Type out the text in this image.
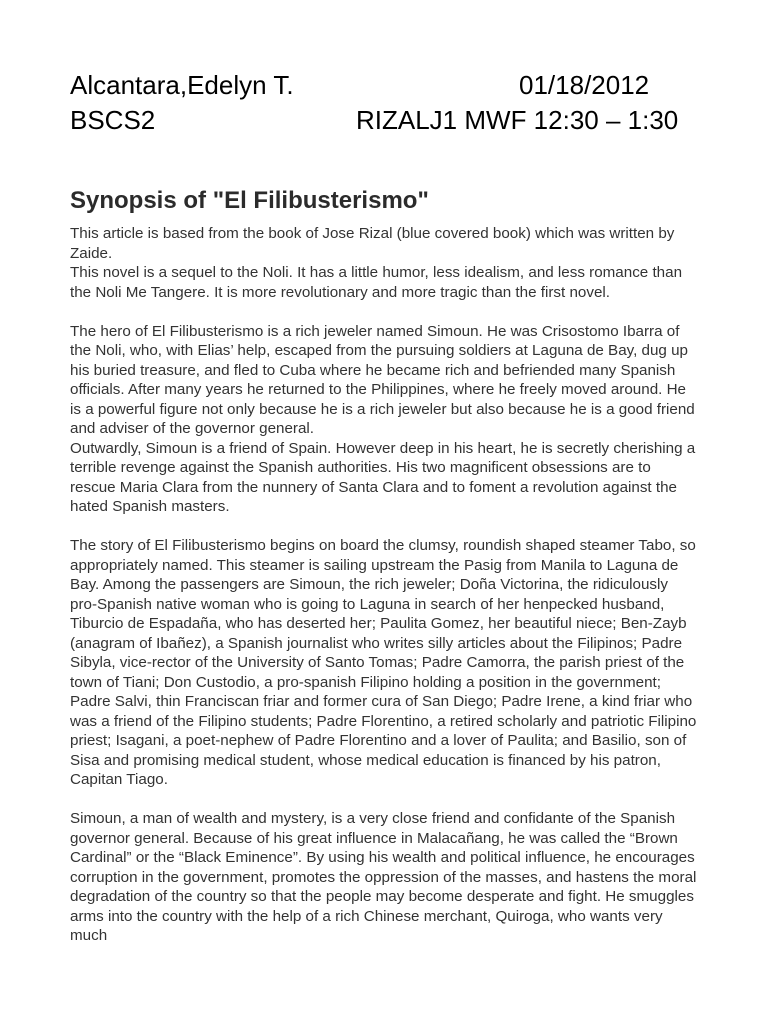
Alcantara,Edelyn T.	01/18/2012
BSCS2	RIZALJ1 MWF 12:30 – 1:30
Synopsis of "El Filibusterismo"

This article is based from the book of Jose Rizal (blue covered book) which was written by Zaide.

This novel is a sequel to the Noli. It has a little humor, less idealism, and less romance than the Noli Me Tangere. It is more revolutionary and more tragic than the first novel.

The hero of El Filibusterismo is a rich jeweler named Simoun. He was Crisostomo Ibarra of the Noli, who, with Elias’ help, escaped from the pursuing soldiers at Laguna de Bay, dug up his buried treasure, and fled to Cuba where he became rich and befriended many Spanish officials. After many years he returned to the Philippines, where he freely moved around. He is a powerful figure not only because he is a rich jeweler but also because he is a good friend and adviser of the governor general.

Outwardly, Simoun is a friend of Spain. However deep in his heart, he is secretly cherishing a terrible revenge against the Spanish authorities. His two magnificent obsessions are to rescue Maria Clara from the nunnery of Santa Clara and to foment a revolution against the hated Spanish masters.

The story of El Filibusterismo begins on board the clumsy, roundish shaped steamer Tabo, so appropriately named. This steamer is sailing upstream the Pasig from Manila to Laguna de Bay. Among the passengers are Simoun, the rich jeweler; Doña Victorina, the ridiculously pro-Spanish native woman who is going to Laguna in search of her henpecked husband, Tiburcio de Espadaña, who has deserted her; Paulita Gomez, her beautiful niece; Ben-Zayb (anagram of Ibañez), a Spanish journalist who writes silly articles about the Filipinos; Padre Sibyla, vice-rector of the University of Santo Tomas; Padre Camorra, the parish priest of the town of Tiani; Don Custodio, a pro-spanish Filipino holding a position in the government; Padre Salvi, thin Franciscan friar and former cura of San Diego; Padre Irene, a kind friar who was a friend of the Filipino students; Padre Florentino, a retired scholarly and patriotic Filipino priest; Isagani, a poet-nephew of Padre Florentino and a lover of Paulita; and Basilio, son of Sisa and promising medical student, whose medical education is financed by his patron, Capitan Tiago.

Simoun, a man of wealth and mystery, is a very close friend and confidante of the Spanish governor general. Because of his great influence in Malacañang, he was called the “Brown Cardinal” or the “Black Eminence”. By using his wealth and political influence, he encourages corruption in the government, promotes the oppression of the masses, and hastens the moral degradation of the country so that the people may become desperate and fight. He smuggles arms into the country with the help of a rich Chinese merchant, Quiroga, who wants very much
